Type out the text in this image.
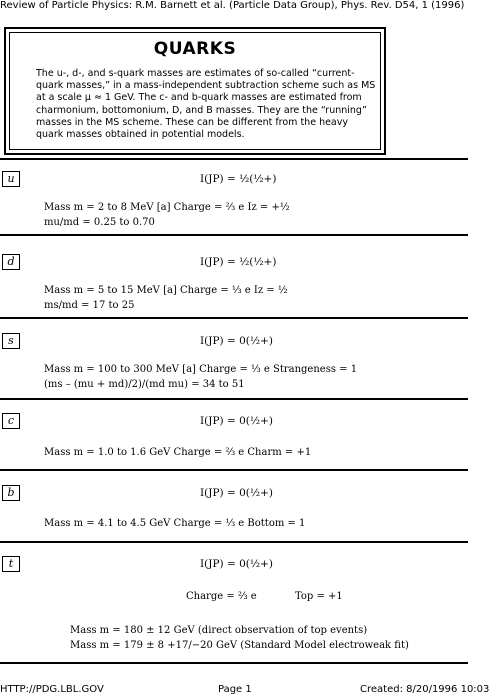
Review of Particle Physics: R.M. Barnett et al. (Particle Data Group), Phys. Rev. D54, 1 (1996)
QUARKS
The u-, d-, and s-quark masses are estimates of so-called “current-quark masses,” in a mass-independent subtraction scheme such as MS at a scale μ ≈ 1 GeV. The c- and b-quark masses are estimated from charmonium, bottomonium, D, and B masses. They are the “running” masses in the MS scheme. These can be different from the heavy quark masses obtained in potential models.
u	I(JP) = ½(½+)
Mass m = 2 to 8 MeV [a] Charge = ⅔ e Iz = +½
mu/md = 0.25 to 0.70
d	I(JP) = ½(½+)
Mass m = 5 to 15 MeV [a] Charge = ⅓ e Iz = ½
ms/md = 17 to 25
s	I(JP) = 0(½+)
Mass m = 100 to 300 MeV [a] Charge = ⅓ e Strangeness = 1
(ms – (mu + md)/2)/(md mu) = 34 to 51
c	I(JP) = 0(½+)
Mass m = 1.0 to 1.6 GeV Charge = ⅔ e Charm = +1
b	I(JP) = 0(½+)
Mass m = 4.1 to 4.5 GeV Charge = ⅓ e Bottom = 1
t	I(JP) = 0(½+)
Charge = ⅔ e	Top = +1
Mass m = 180 ± 12 GeV (direct observation of top events)
Mass m = 179 ± 8 +17/−20 GeV (Standard Model electroweak fit)
HTTP://PDG.LBL.GOV	Page 1	Created: 8/20/1996 10:03
